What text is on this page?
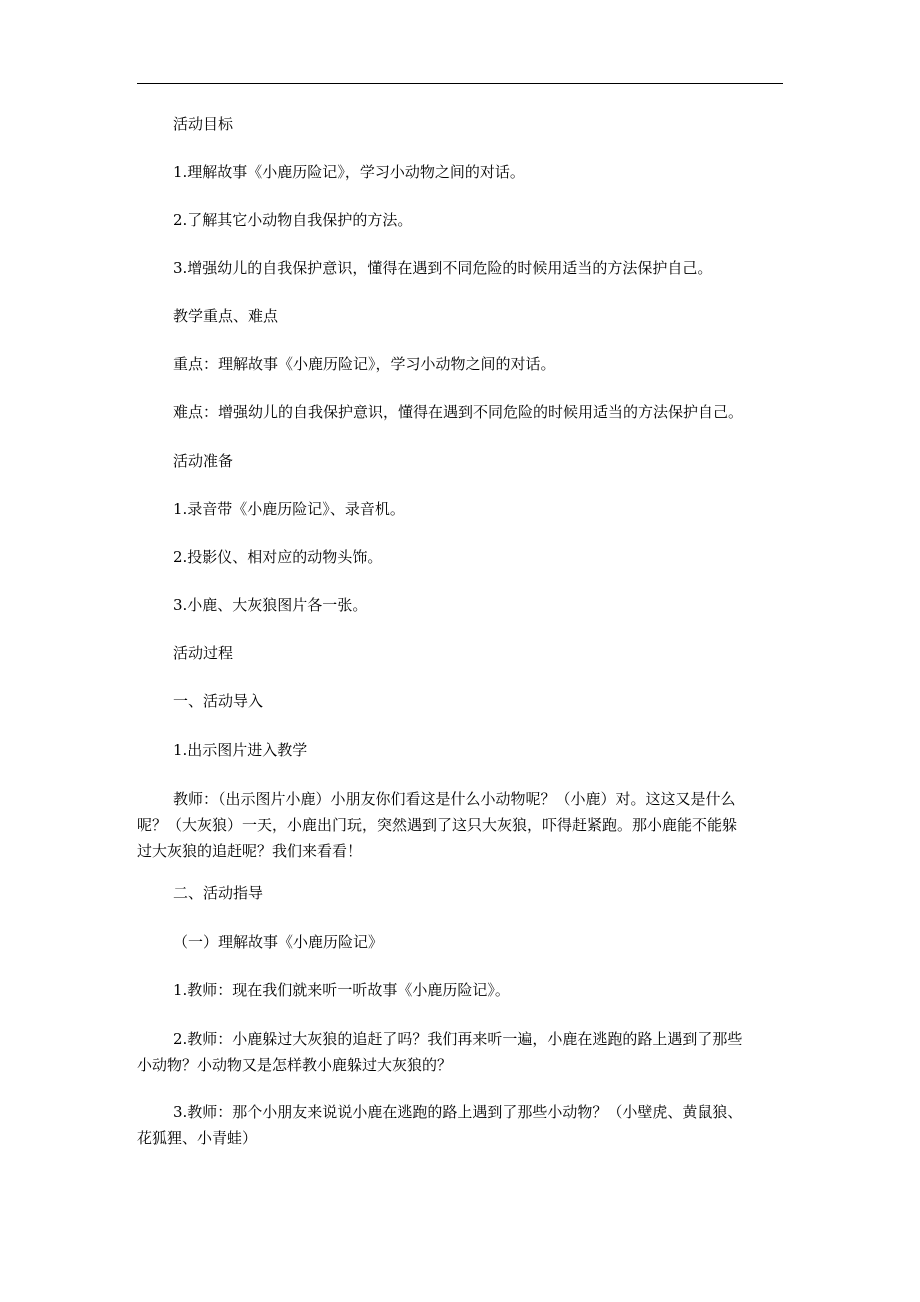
活动目标

1.理解故事《小鹿历险记》，学习小动物之间的对话。

2.了解其它小动物自我保护的方法。

3.增强幼儿的自我保护意识，懂得在遇到不同危险的时候用适当的方法保护自己。

教学重点、难点

重点：理解故事《小鹿历险记》，学习小动物之间的对话。

难点：增强幼儿的自我保护意识，懂得在遇到不同危险的时候用适当的方法保护自己。

活动准备

1.录音带《小鹿历险记》、录音机。

2.投影仪、相对应的动物头饰。

3.小鹿、大灰狼图片各一张。

活动过程

一、活动导入

1.出示图片进入教学

教师：（出示图片小鹿）小朋友你们看这是什么小动物呢？（小鹿）对。这这又是什么
呢？（大灰狼）一天，小鹿出门玩，突然遇到了这只大灰狼，吓得赶紧跑。那小鹿能不能躲
过大灰狼的追赶呢？我们来看看！

二、活动指导

（一）理解故事《小鹿历险记》

1.教师：现在我们就来听一听故事《小鹿历险记》。

2.教师：小鹿躲过大灰狼的追赶了吗？我们再来听一遍，小鹿在逃跑的路上遇到了那些
小动物？小动物又是怎样教小鹿躲过大灰狼的？
3.教师：那个小朋友来说说小鹿在逃跑的路上遇到了那些小动物？（小壁虎、黄鼠狼、
花狐狸、小青蛙）
